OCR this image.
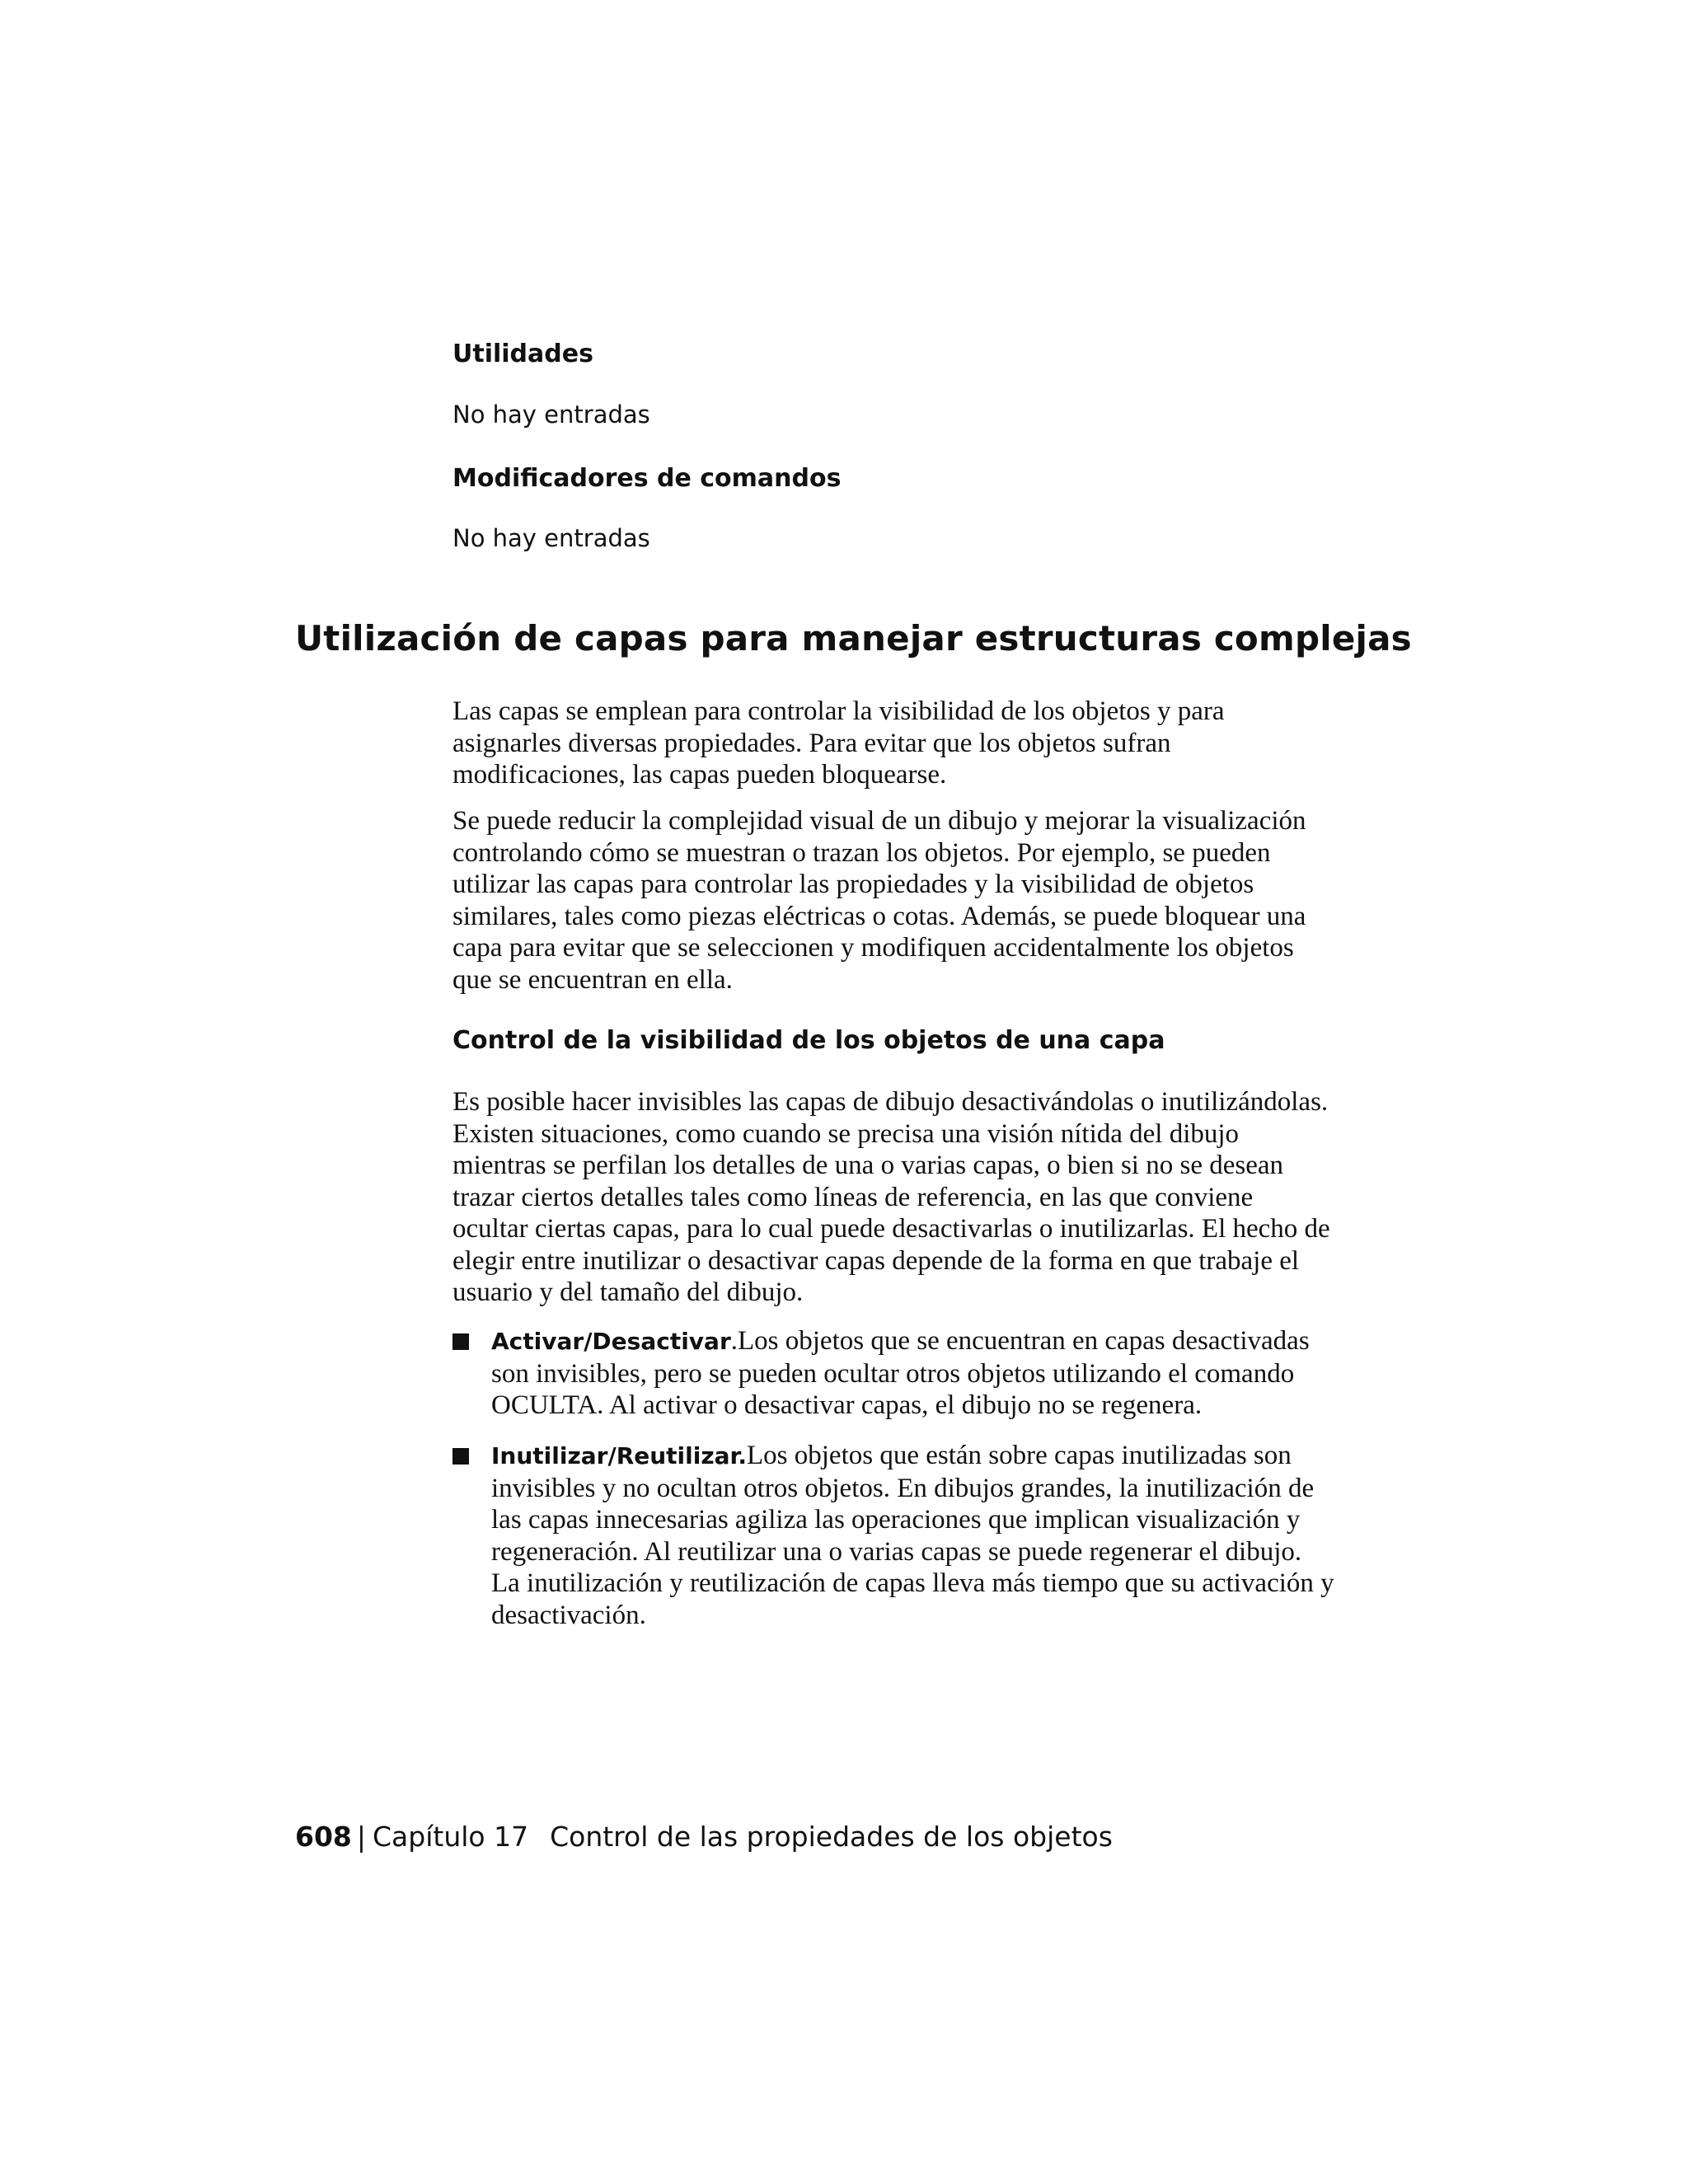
Utilidades
No hay entradas
Modificadores de comandos
No hay entradas
Utilización de capas para manejar estructuras complejas

Las capas se emplean para controlar la visibilidad de los objetos y para asignarles diversas propiedades. Para evitar que los objetos sufran modificaciones, las capas pueden bloquearse.

Se puede reducir la complejidad visual de un dibujo y mejorar la visualización controlando cómo se muestran o trazan los objetos. Por ejemplo, se pueden utilizar las capas para controlar las propiedades y la visibilidad de objetos similares, tales como piezas eléctricas o cotas. Además, se puede bloquear una capa para evitar que se seleccionen y modifiquen accidentalmente los objetos que se encuentran en ella.

Control de la visibilidad de los objetos de una capa

Es posible hacer invisibles las capas de dibujo desactivándolas o inutilizándolas. Existen situaciones, como cuando se precisa una visión nítida del dibujo mientras se perfilan los detalles de una o varias capas, o bien si no se desean trazar ciertos detalles tales como líneas de referencia, en las que conviene ocultar ciertas capas, para lo cual puede desactivarlas o inutilizarlas. El hecho de elegir entre inutilizar o desactivar capas depende de la forma en que trabaje el usuario y del tamaño del dibujo.

Activar/Desactivar.Los objetos que se encuentran en capas desactivadas son invisibles, pero se pueden ocultar otros objetos utilizando el comando OCULTA. Al activar o desactivar capas, el dibujo no se regenera.
Inutilizar/Reutilizar.Los objetos que están sobre capas inutilizadas son invisibles y no ocultan otros objetos. En dibujos grandes, la inutilización de las capas innecesarias agiliza las operaciones que implican visualización y regeneración. Al reutilizar una o varias capas se puede regenerar el dibujo. La inutilización y reutilización de capas lleva más tiempo que su activación y desactivación.
608 | Capítulo 17 Control de las propiedades de los objetos
